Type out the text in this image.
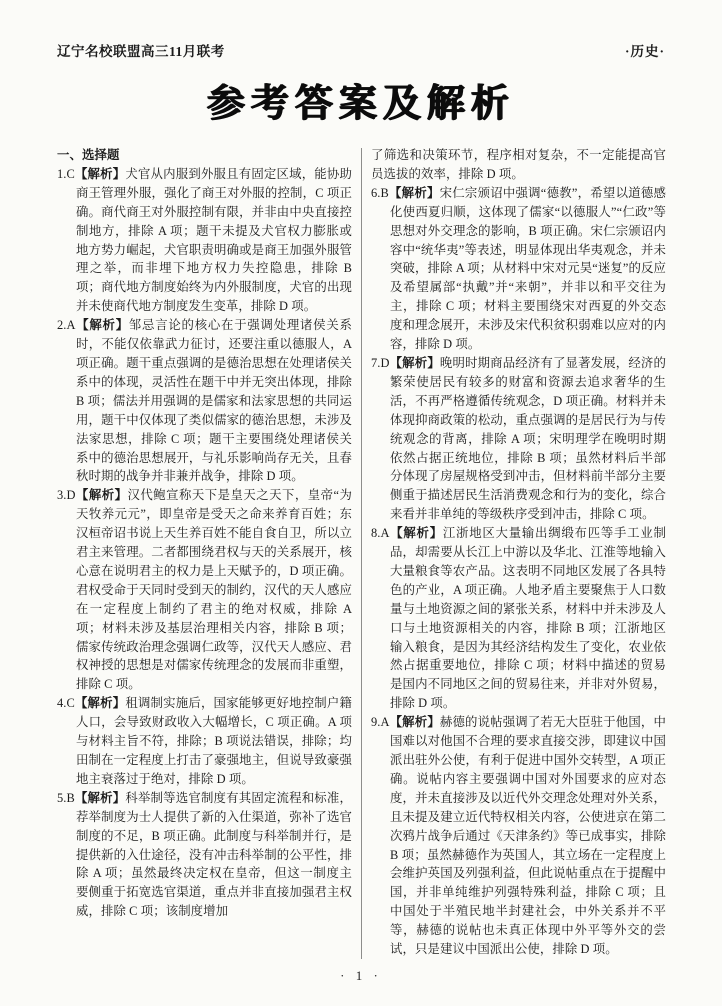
辽宁名校联盟高三11月联考	·历史·
参考答案及解析

一、选择题

1.C【解析】犬官从内服到外服且有固定区域，能协助商王管理外服，强化了商王对外服的控制，C 项正确。商代商王对外服控制有限，并非由中央直接控制地方，排除 A 项；题干未提及犬官权力膨胀或地方势力崛起，犬官职责明确或是商王加强外服管理之举，而非埋下地方权力失控隐患，排除 B 项；商代地方制度始终为内外服制度，犬官的出现并未使商代地方制度发生变革，排除 D 项。

2.A【解析】邹忌言论的核心在于强调处理诸侯关系时，不能仅依靠武力征讨，还要注重以德服人，A 项正确。题干重点强调的是德治思想在处理诸侯关系中的体现，灵活性在题干中并无突出体现，排除 B 项；儒法并用强调的是儒家和法家思想的共同运用，题干中仅体现了类似儒家的德治思想，未涉及法家思想，排除 C 项；题干主要围绕处理诸侯关系中的德治思想展开，与礼乐影响尚存无关，且春秋时期的战争并非兼并战争，排除 D 项。

3.D【解析】汉代鲍宣称天下是皇天之天下，皇帝“为天牧养元元”，即皇帝是受天之命来养育百姓；东汉桓帝诏书说上天生养百姓不能自食自卫，所以立君主来管理。二者都围绕君权与天的关系展开，核心意在说明君主的权力是上天赋予的，D 项正确。君权受命于天同时受到天的制约，汉代的天人感应在一定程度上制约了君主的绝对权威，排除 A 项；材料未涉及基层治理相关内容，排除 B 项；儒家传统政治理念强调仁政等，汉代天人感应、君权神授的思想是对儒家传统理念的发展而非重塑，排除 C 项。

4.C【解析】租调制实施后，国家能够更好地控制户籍人口，会导致财政收入大幅增长，C 项正确。A 项与材料主旨不符，排除；B 项说法错误，排除；均田制在一定程度上打击了豪强地主，但说导致豪强地主衰落过于绝对，排除 D 项。

5.B【解析】科举制等选官制度有其固定流程和标准，荐举制度为士人提供了新的入仕渠道，弥补了选官制度的不足，B 项正确。此制度与科举制并行，是提供新的入仕途径，没有冲击科举制的公平性，排除 A 项；虽然最终决定权在皇帝，但这一制度主要侧重于拓宽选官渠道，重点并非直接加强君主权威，排除 C 项；该制度增加

了筛选和决策环节，程序相对复杂，不一定能提高官员选拔的效率，排除 D 项。

6.B【解析】宋仁宗颁诏中强调“德教”，希望以道德感化使西夏归顺，这体现了儒家“以德服人”“仁政”等思想对外交理念的影响，B 项正确。宋仁宗颁诏内容中“统华夷”等表述，明显体现出华夷观念，并未突破，排除 A 项；从材料中宋对元昊“迷复”的反应及希望属部“执戴”并“来朝”，并非以和平交往为主，排除 C 项；材料主要围绕宋对西夏的外交态度和理念展开，未涉及宋代积贫积弱难以应对的内容，排除 D 项。

7.D【解析】晚明时期商品经济有了显著发展，经济的繁荣使居民有较多的财富和资源去追求奢华的生活，不再严格遵循传统观念，D 项正确。材料并未体现抑商政策的松动，重点强调的是居民行为与传统观念的背离，排除 A 项；宋明理学在晚明时期依然占据正统地位，排除 B 项；虽然材料后半部分体现了房屋规格受到冲击，但材料前半部分主要侧重于描述居民生活消费观念和行为的变化，综合来看并非单纯的等级秩序受到冲击，排除 C 项。

8.A【解析】江浙地区大量输出绸缎布匹等手工业制品，却需要从长江上中游以及华北、江淮等地输入大量粮食等农产品。这表明不同地区发展了各具特色的产业，A 项正确。人地矛盾主要聚焦于人口数量与土地资源之间的紧张关系，材料中并未涉及人口与土地资源相关的内容，排除 B 项；江浙地区输入粮食，是因为其经济结构发生了变化，农业依然占据重要地位，排除 C 项；材料中描述的贸易是国内不同地区之间的贸易往来，并非对外贸易，排除 D 项。

9.A【解析】赫德的说帖强调了若无大臣驻于他国，中国难以对他国不合理的要求直接交涉，即建议中国派出驻外公使，有利于促进中国外交转型，A 项正确。说帖内容主要强调中国对外国要求的应对态度，并未直接涉及以近代外交理念处理对外关系，且未提及建立近代特权相关内容，公使进京在第二次鸦片战争后通过《天津条约》等已成事实，排除 B 项；虽然赫德作为英国人，其立场在一定程度上会维护英国及列强利益，但此说帖重点在于提醒中国，并非单纯维护列强特殊利益，排除 C 项；且中国处于半殖民地半封建社会，中外关系并不平等，赫德的说帖也未真正体现中外平等外交的尝试，只是建议中国派出公使，排除 D 项。

· 1 ·
